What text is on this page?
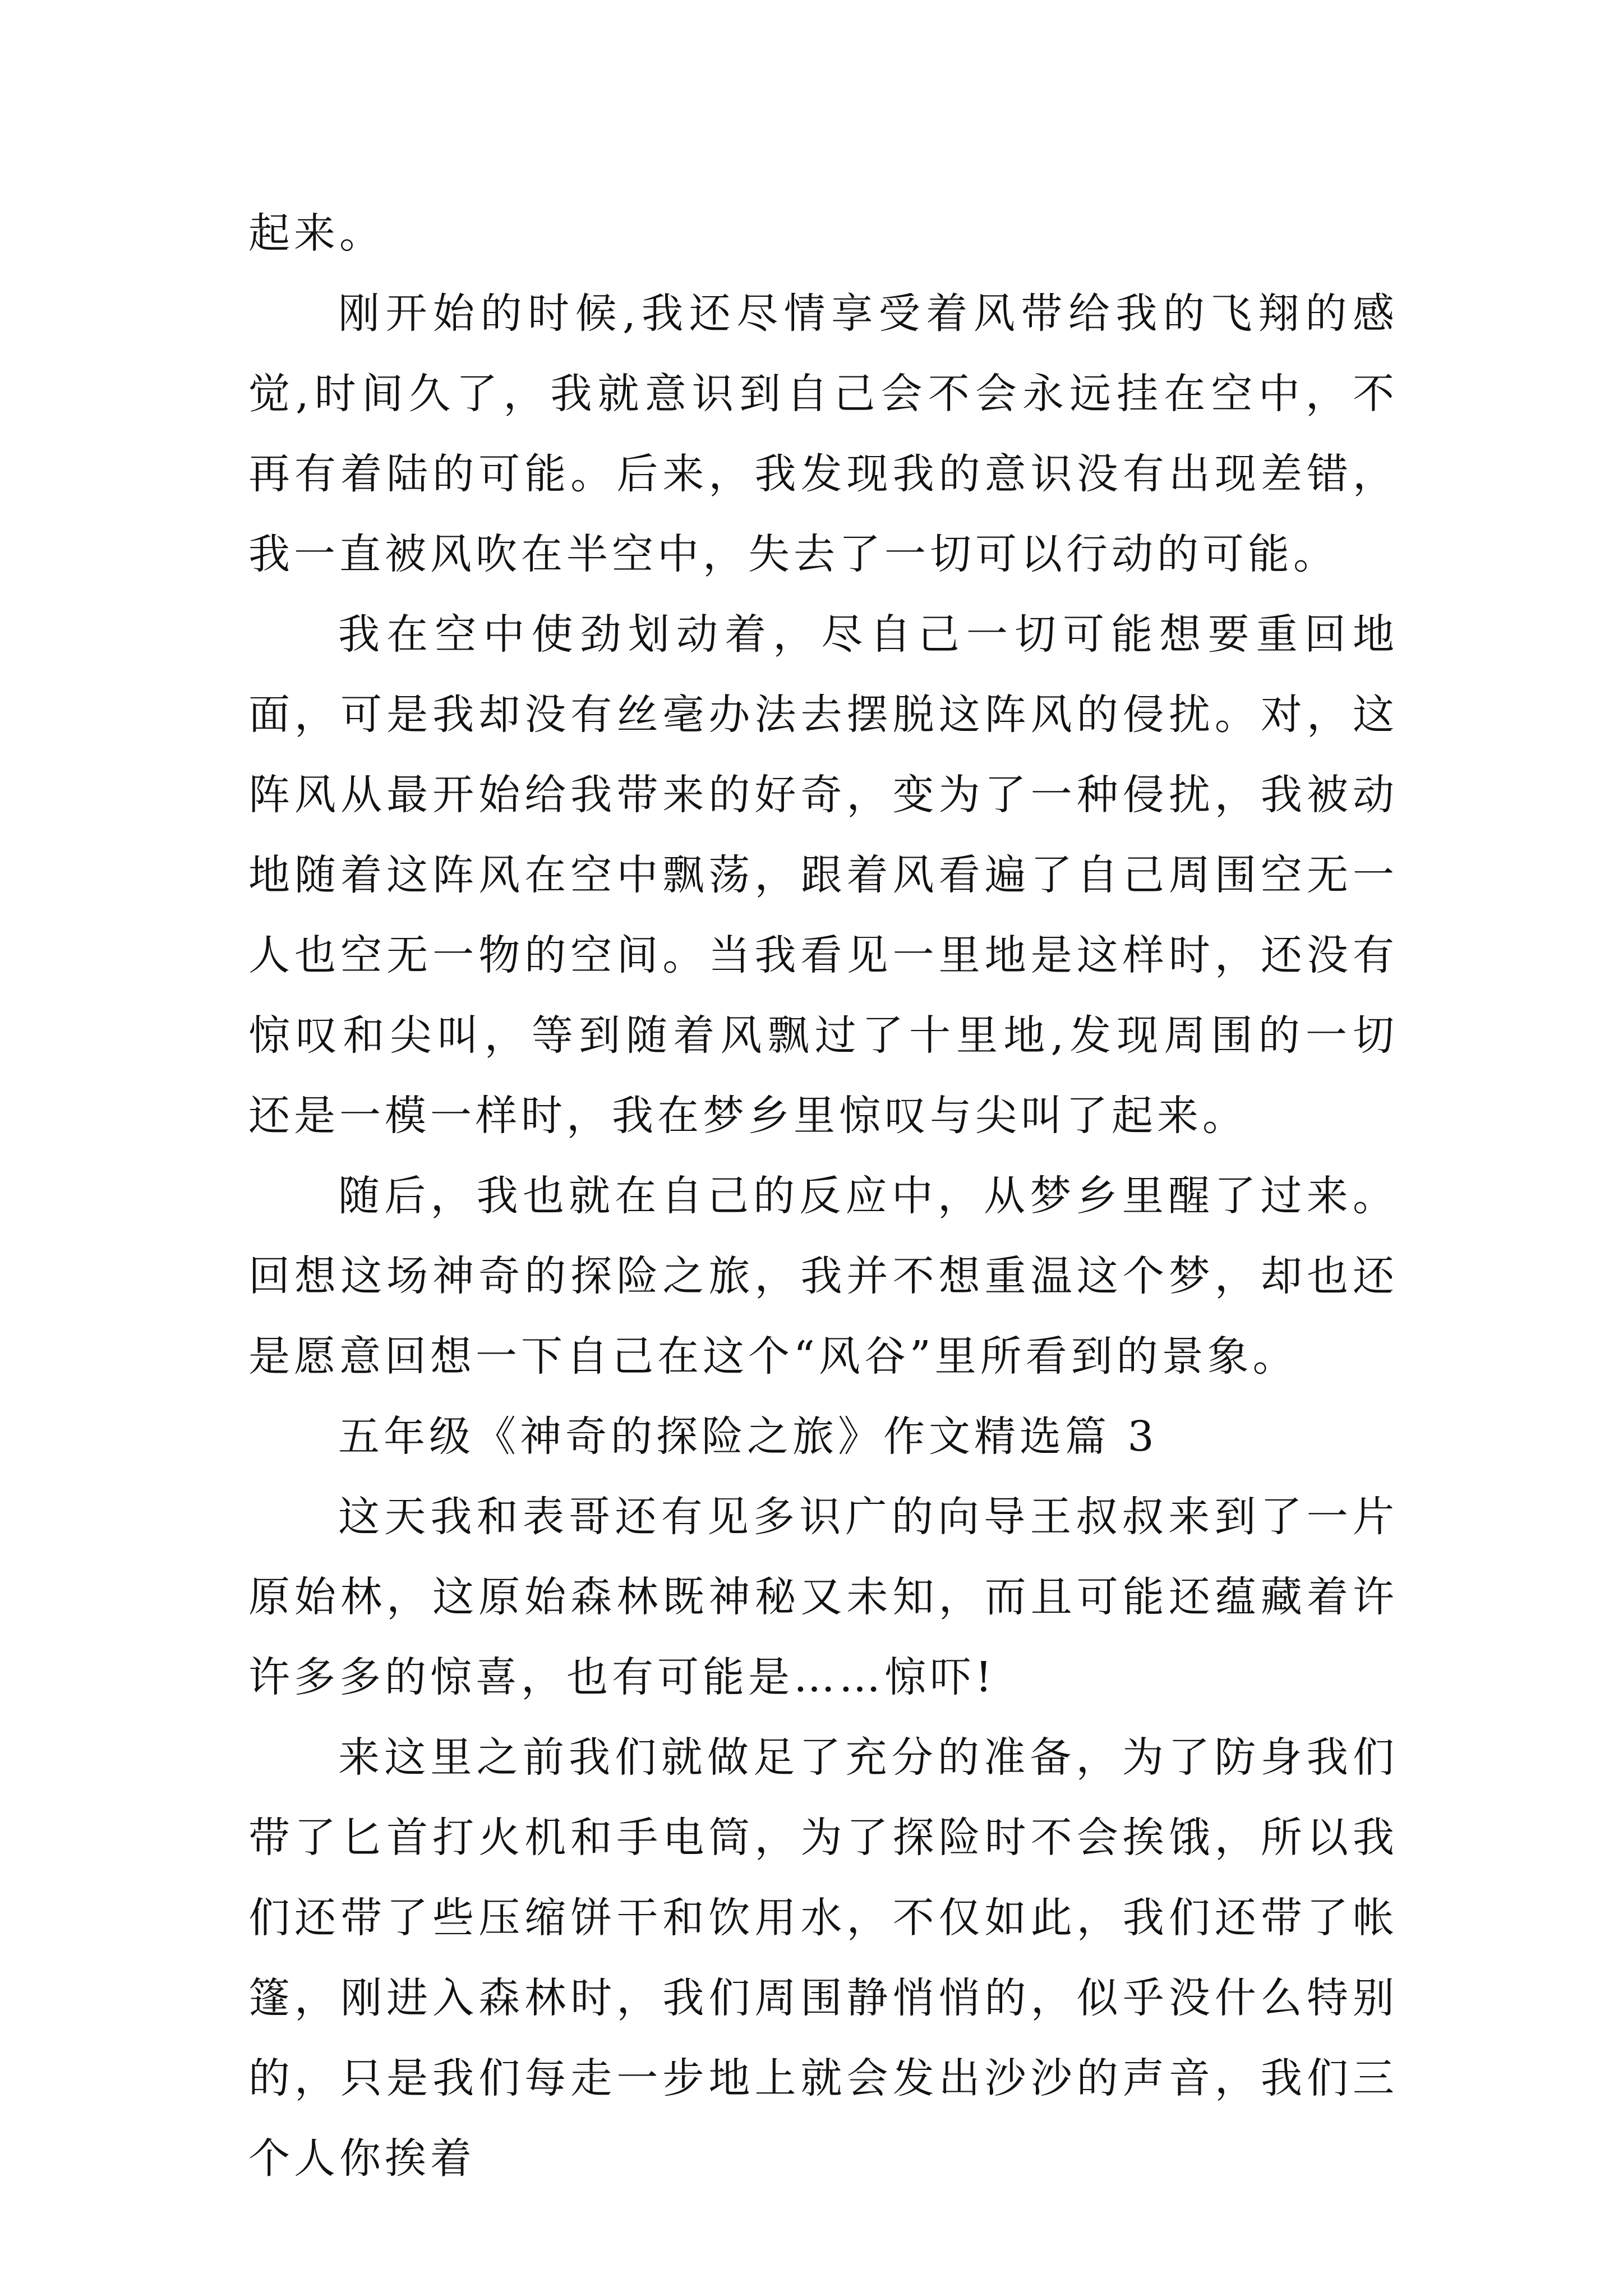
起来。

刚开始的时候,我还尽情享受着风带给我的飞翔的感觉,时间久了，我就意识到自己会不会永远挂在空中，不再有着陆的可能。后来，我发现我的意识没有出现差错，我一直被风吹在半空中，失去了一切可以行动的可能。

我在空中使劲划动着，尽自己一切可能想要重回地面，可是我却没有丝毫办法去摆脱这阵风的侵扰。对，这阵风从最开始给我带来的好奇，变为了一种侵扰，我被动地随着这阵风在空中飘荡，跟着风看遍了自己周围空无一人也空无一物的空间。当我看见一里地是这样时，还没有惊叹和尖叫，等到随着风飘过了十里地,发现周围的一切还是一模一样时，我在梦乡里惊叹与尖叫了起来。

随后，我也就在自己的反应中，从梦乡里醒了过来。回想这场神奇的探险之旅，我并不想重温这个梦，却也还是愿意回想一下自己在这个“风谷”里所看到的景象。

五年级《神奇的探险之旅》作文精选篇 3

这天我和表哥还有见多识广的向导王叔叔来到了一片原始林，这原始森林既神秘又未知，而且可能还蕴藏着许许多多的惊喜，也有可能是……惊吓!

来这里之前我们就做足了充分的准备，为了防身我们带了匕首打火机和手电筒，为了探险时不会挨饿，所以我们还带了些压缩饼干和饮用水，不仅如此，我们还带了帐篷，刚进入森林时，我们周围静悄悄的，似乎没什么特别的，只是我们每走一步地上就会发出沙沙的声音，我们三个人你挨着
